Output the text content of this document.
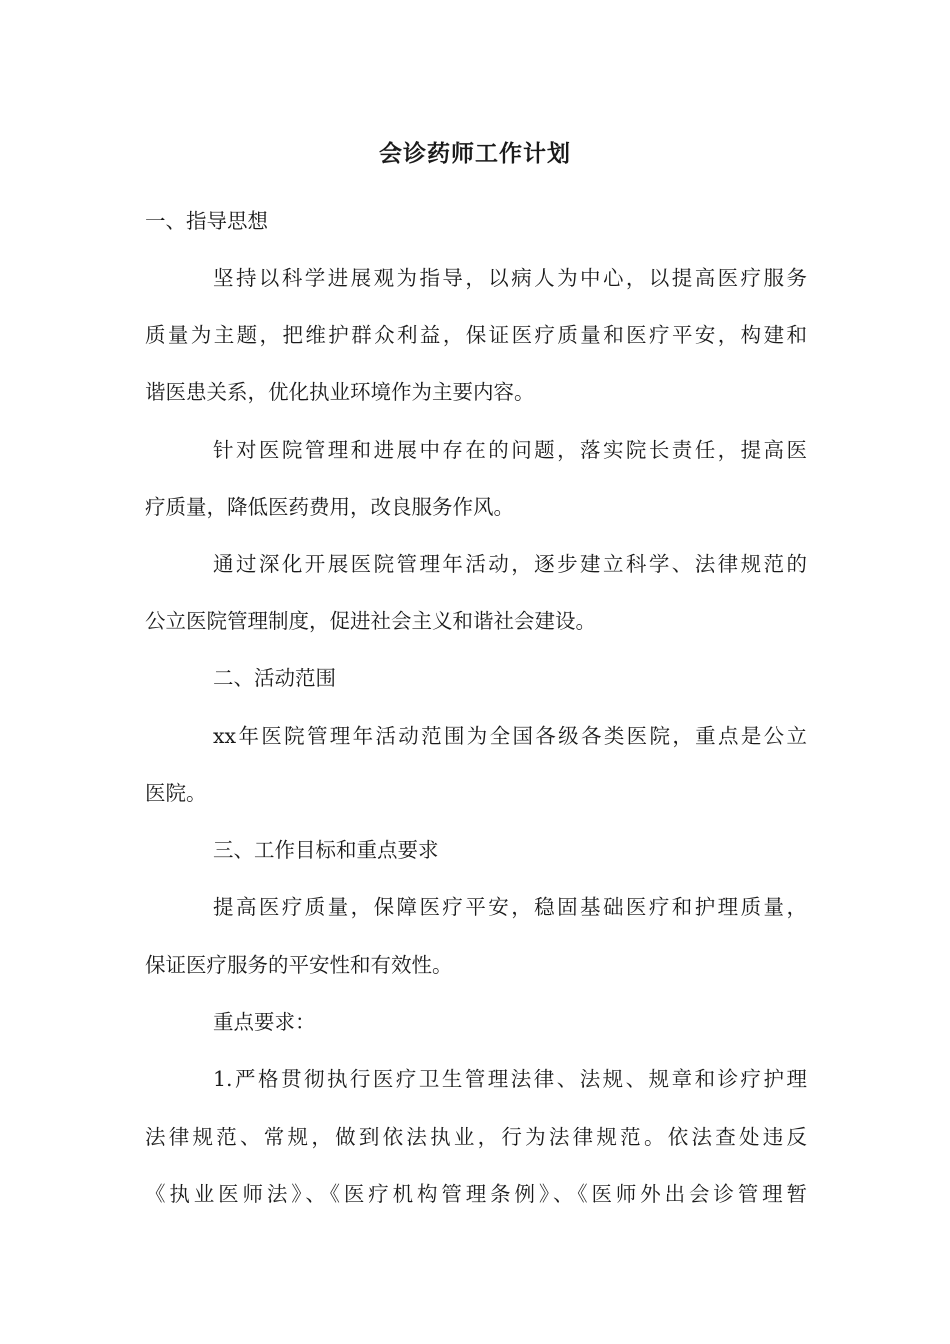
会诊药师工作计划
一、指导思想
坚持以科学进展观为指导，以病人为中心，以提高医疗服务
质量为主题，把维护群众利益，保证医疗质量和医疗平安，构建和
谐医患关系，优化执业环境作为主要内容。
针对医院管理和进展中存在的问题，落实院长责任，提高医
疗质量，降低医药费用，改良服务作风。
通过深化开展医院管理年活动，逐步建立科学、法律规范的
公立医院管理制度，促进社会主义和谐社会建设。
二、活动范围
xx年医院管理年活动范围为全国各级各类医院，重点是公立
医院。
三、工作目标和重点要求
提高医疗质量，保障医疗平安，稳固基础医疗和护理质量，
保证医疗服务的平安性和有效性。
重点要求：
1.严格贯彻执行医疗卫生管理法律、法规、规章和诊疗护理
法律规范、常规，做到依法执业，行为法律规范。依法查处违反
《执业医师法》、《医疗机构管理条例》、《医师外出会诊管理暂
